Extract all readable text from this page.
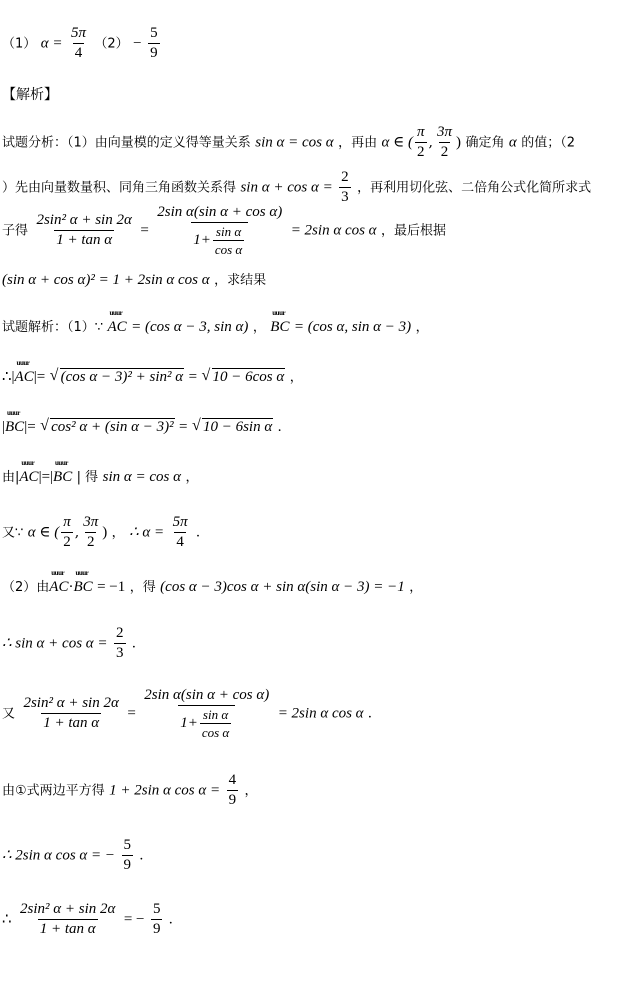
（1） $\alpha = \frac{5\pi}{4} (2) - \frac{5}{9}$
【解析】
试题分析：（1）由向量模的定义得等量关系 sin α = cos α ，再由 α ∈ ( $\frac{\pi}{2}$ , $\frac{3\pi}{2}$ ) 确定角 α 的值；（2
）先由向量数量积、同角三角函数关系得 $\sin \alpha + \cos \alpha = \frac{2}{3}$ ，再利用切化弦、二倍角公式化简所求式
子得 $\frac{\text{2sin² α + sin 2α}}{\text{1 + tan α}} = \frac{\text{2sin α(sin α + cos α)}}{1+ \frac{\text{sin α}}{\text{cos α}}} = 2\sin$ α cos α ，最后根据
(sin α + cos α)² = 1 + 2sin α cos α ，求结果
试题解析：（1）∵ uuur AC = (cos α − 3, sin α) ， uuur BC = (cos α, sin α − 3) ，
∴|uuur AC|= √ (cos α − 3)² + sin² α = √ 10 − 6cos α ，
|uuur BC|= √ cos² α + (sin α − 3)² = √ 10 − 6sin α .
由|uuur AC|=|uuur BC | 得 sin α = cos α ，
又∵ α ∈ ( $\frac{\pi}{2}$ , $\frac{3\pi}{2}$ ) ， ∴ $\alpha = \frac{5\pi}{4}$ .
（2）由uuur AC·uuur BC = −1 ，得 (cos α − 3)cos α + sin α(sin α − 3) = −1 ，
∴ $\sin \alpha + \cos \alpha = \frac{2}{3}$ .
又 $\frac{\text{2sin² α + sin 2α}}{\text{1 + tan α}} = \frac{\text{2sin α(sin α + cos α)}}{1+ \frac{\text{sin α}}{\text{cos α}}} = 2\sin$ α cos α .
由①式两边平方得 1 + 2sin α $\cos \alpha = \frac{4}{9}$ ，
∴ 2sin α cos α = − $\frac{5}{9}$ .
∴ $\frac{\text{2sin² α + sin 2α}}{\text{1 + tan α}}$ = − $\frac{5}{9}$ .
